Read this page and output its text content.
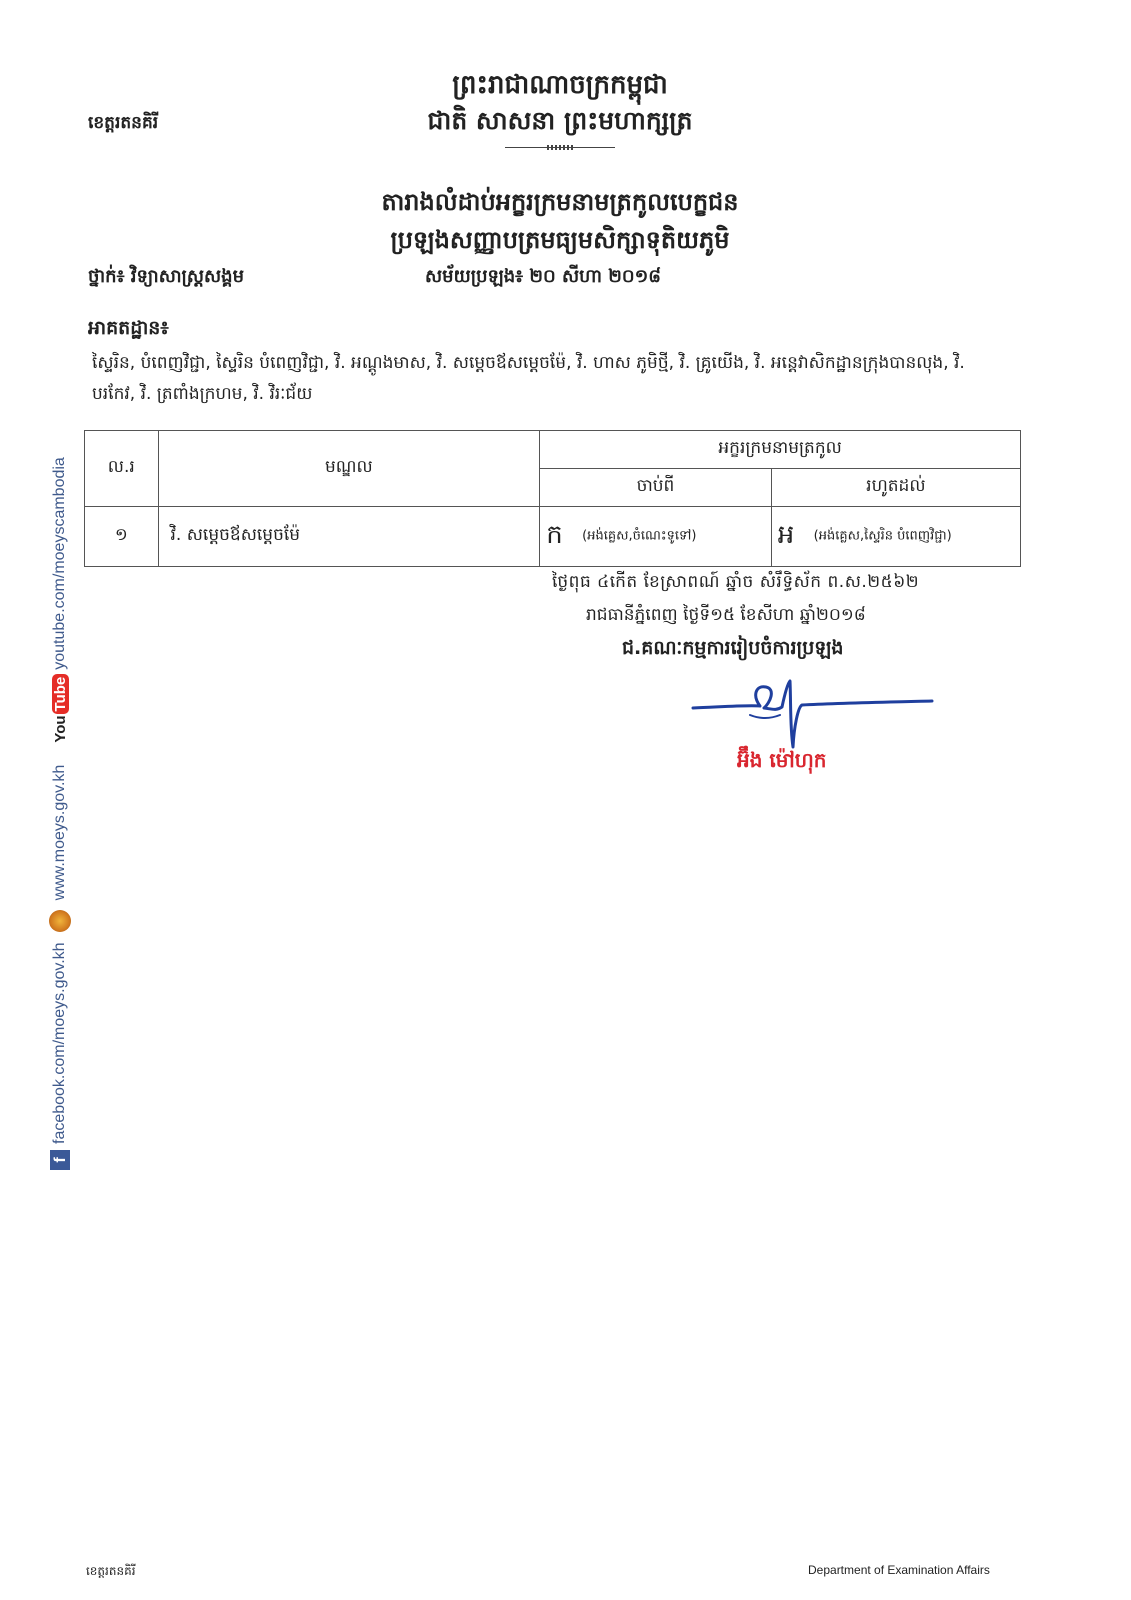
ព្រះរាជាណាចក្រកម្ពុជា
ជាតិ សាសនា ព្រះមហាក្សត្រ
ខេត្តរតនគិរី
តារាងលំដាប់អក្ខរក្រមនាមត្រកូលបេក្ខជន
ប្រឡងសញ្ញាបត្រមធ្យមសិក្សាទុតិយភូមិ
ថ្នាក់៖ វិទ្យាសាស្ត្រសង្គម	សម័យប្រឡង៖ ២០ សីហា ២០១៨
អាគតដ្ឋាន៖
ស្ទៃរិន, បំពេញវិជ្ជា, ស្ទៃរិន បំពេញវិជ្ជា, វិ. អណ្ដូងមាស, វិ. សម្ដេចឪសម្ដេចម៉ែ, វិ. ហាស ភូមិថ្មី, វិ. គ្រូយើង, វិ. អន្តេវាសិកដ្ឋានក្រុងបានលុង, វិ. បរកែវ, វិ. ត្រពាំងក្រហម, វិ. វិរៈជ័យ
ល.រ	មណ្ឌល	អក្ខរក្រមនាមត្រកូល	
		ចាប់ពី	រហូតដល់
១	វិ. សម្ដេចឪសម្ដេចម៉ែ	ក (អង់គ្លេស,ចំណេះទូទៅ)	អ (អង់គ្លេស,ស្ទៃរិន បំពេញវិជ្ជា)
ថ្ងៃពុធ ៤កើត ខែស្រាពណ៍ ឆ្នាំច សំរឹទ្ធិស័ក ព.ស.២៥៦២
រាជធានីភ្នំពេញ ថ្ងៃទី១៥ ខែសីហា ឆ្នាំ២០១៨
ជ.គណៈកម្មការរៀបចំការប្រឡង
អ៊ឹង ម៉ៅហុក
f
facebook.com/moeys.gov.kh
www.moeys.gov.kh
You
Tube
youtube.com/moeyscambodia
ខេត្តរតនគិរី	Department of Examination Affairs
